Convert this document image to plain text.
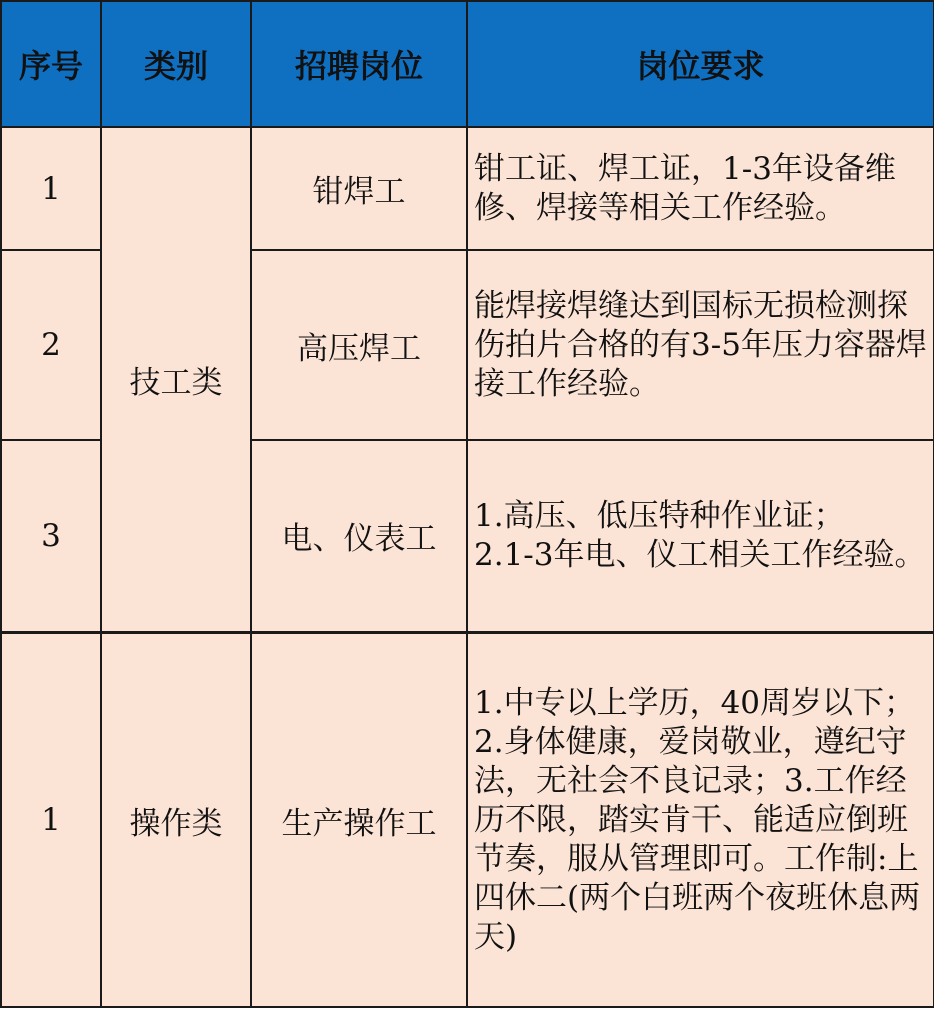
序号	类别	招聘岗位	岗位要求
1	技工类	钳焊工	钳工证、焊工证，1-3年设备维修、焊接等相关工作经验。
2		高压焊工	能焊接焊缝达到国标无损检测探伤拍片合格的有3-5年压力容器焊接工作经验。
3		电、仪表工	1.高压、低压特种作业证；
2.1-3年电、仪工相关工作经验。

1	操作类	生产操作工	1.中专以上学历，40周岁以下；2.身体健康，爱岗敬业，遵纪守法，无社会不良记录；3.工作经历不限，踏实肯干、能适应倒班节奏，服从管理即可。工作制:上四休二(两个白班两个夜班休息两天)
